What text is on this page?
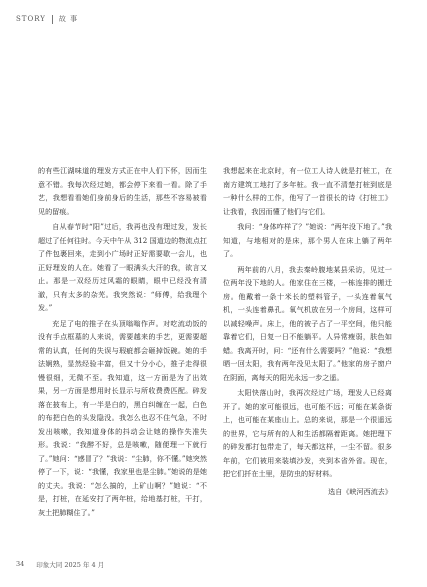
STORY 故 事

的有些江湖味道的理发方式正在中人们下怀，因而生意不错。我每次经过她，都会停下来看一看。除了手艺，我想看看她们身前身后的生活，那些不容易被看见的留痕。

自从春节时“阳”过后，我再也没有理过发，发长超过了任何往时。今天中午从 312 国道边的物流点扛了件包裹回来，走到小广场时正好需要歇一会儿，也正好理发的人在。她看了一眼满头大汗的我，欲言又止。那是一双经历过风霜的眼睛，眼中已经没有清澈，只有太多的杂芜。我突然说：“师傅，给我理个发。”

充足了电的推子在头顶嗡嗡作声。对吃流动饭的没有手点框墓的人来说，需要越来的手艺，更需要超常的认真，任何的失误与瑕疵都会砸掉饭碗。她的手法娴熟，显然经验丰富，但又十分小心，推子走得很慢很细，无微不至。我知道，这一方面是为了出效果，另一方面是想用时长显示与所收费费匹配。碎发落在披布上，有一半是白的，黑白纠缠在一起，白色的布把白色的头发隐没。我怎么也忍不住气急，不时发出咳嗽，我知道身体的抖动会让她的操作失准失形。我说：“我醉不好，总是咳嗽，随便理一下就行了。”她问：“感冒了？”我说：“尘肺，你不懂。”她突然停了一下，说：“我懂，我家里也是尘肺。”她说的是她的丈夫。我说：“怎么搞的，上矿山啊？”她说：“不是，打桩，在延安打了两年桩，给地基打桩，干打，灰土把肺糊住了。”

我想起来在北京时，有一位工人诗人就是打桩工，在南方建筑工地打了多年桩。我一直不清楚打桩到底是一种什么样的工作，他写了一首很长的诗《打桩工》让我看，我因而懂了他们与它们。

我问：“身体咋样了？”她说：“两年没下地了。”我知道，与地相对的是床，那个男人在床上躺了两年了。

两年前的八月，我去秦岭腹地某县采访，见过一位两年没下地的人。他家住在三楼，一栋连排的搬迁房。他戴着一条十米长的塑料管子，一头连着氧气机，一头连着鼻孔。氧气机放在另一个房间，这样可以减轻噪声。床上，他的被子占了一平空间，他只能靠着它们，日复一日不能躺平。人异常瘦弱，肤色如蜡。我离开时，问：“还有什么需要吗？”他说：“我想晒一回太阳，我有两年没见太阳了。”他家的房子窗户在阴面，离每天的阳光永远一步之遥。

太阳快落山时，我再次经过广场，理发人已经离开了。她的家可能很远，也可能不远；可能在某条街上，也可能在某座山上。总的来说，那是一个很遥远的世界，它与所有的人和生活都隔着距离。她把理下的碎发都打包带走了，每天都这样，一尘不留。很多年前，它们被用来装填沙发，夹到本省外省。现在，把它们扦在土里，是防虫的好材料。

选自《峡河西流去》

34 印象大同 2025 年 4 月
